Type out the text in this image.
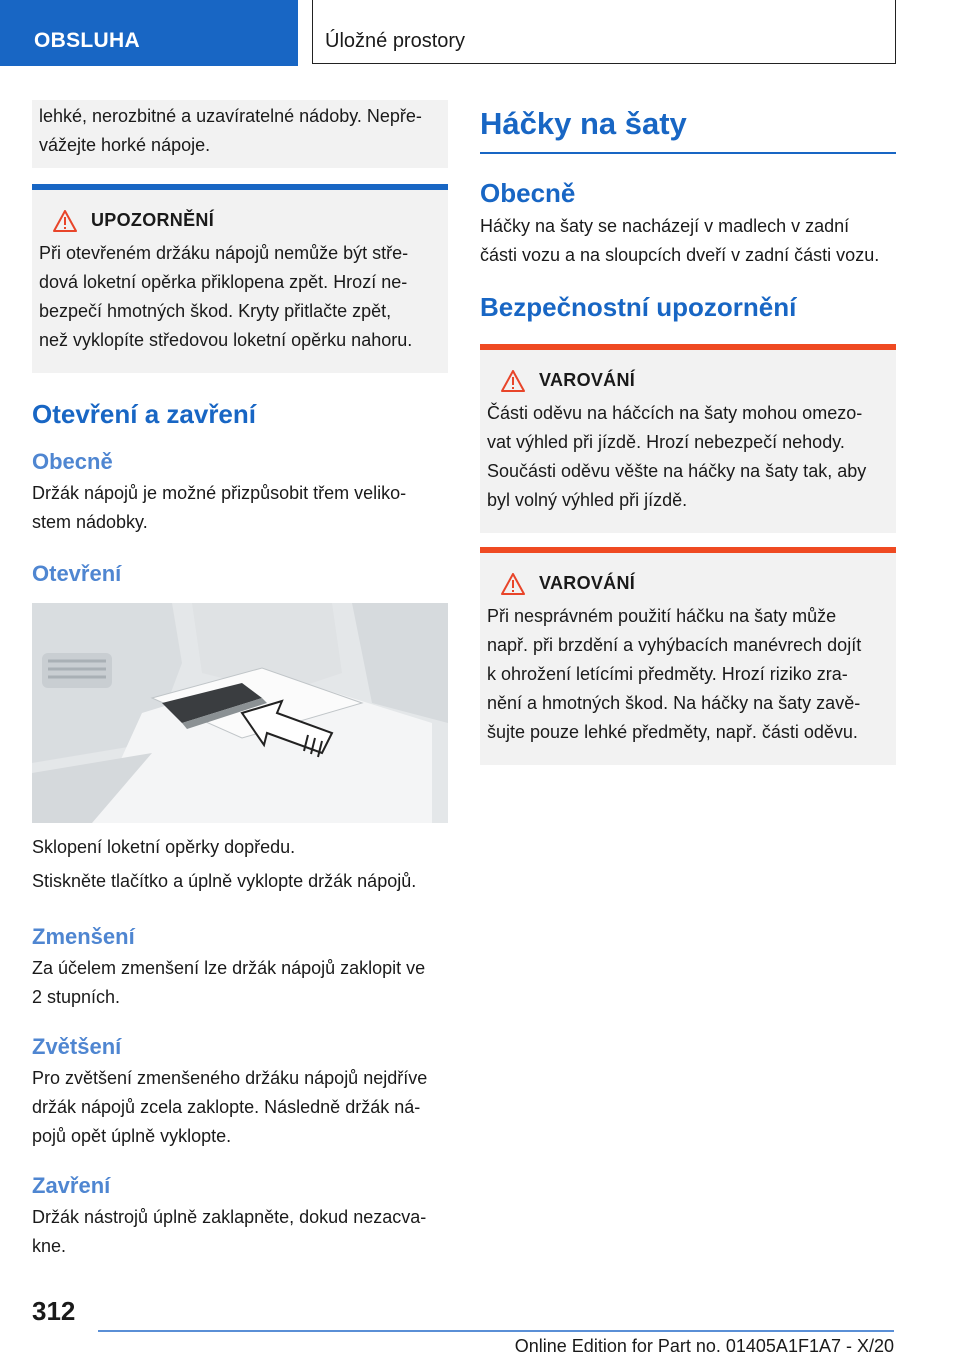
OBSLUHA	Úložné prostory
lehké, nerozbitné a uzavíratelné nádoby. Nepře-
vážejte horké nápoje.
UPOZORNĚNÍ
Při otevřeném držáku nápojů nemůže být stře-
dová loketní opěrka přiklopena zpět. Hrozí ne-
bezpečí hmotných škod. Kryty přitlačte zpět,
než vyklopíte středovou loketní opěrku nahoru.
Otevření a zavření
Obecně

Držák nápojů je možné přizpůsobit třem veliko-

stem nádobky.

Otevření

Sklopení loketní opěrky dopředu.

Stiskněte tlačítko a úplně vyklopte držák nápojů.

Zmenšení

Za účelem zmenšení lze držák nápojů zaklopit ve

2 stupních.

Zvětšení

Pro zvětšení zmenšeného držáku nápojů nejdříve

držák nápojů zcela zaklopte. Následně držák ná-

pojů opět úplně vyklopte.

Zavření

Držák nástrojů úplně zaklapněte, dokud nezacva-

kne.

Háčky na šaty
Obecně

Háčky na šaty se nacházejí v madlech v zadní

části vozu a na sloupcích dveří v zadní části vozu.

Bezpečnostní upozornění
VAROVÁNÍ
Části oděvu na háčcích na šaty mohou omezo-
vat výhled při jízdě. Hrozí nebezpečí nehody.
Součásti oděvu věšte na háčky na šaty tak, aby
byl volný výhled při jízdě.
VAROVÁNÍ
Při nesprávném použití háčku na šaty může
např. při brzdění a vyhýbacích manévrech dojít
k ohrožení letícími předměty. Hrozí riziko zra-
nění a hmotných škod. Na háčky na šaty zavě-
šujte pouze lehké předměty, např. části oděvu.
312
Online Edition for Part no. 01405A1F1A7 - X/20
